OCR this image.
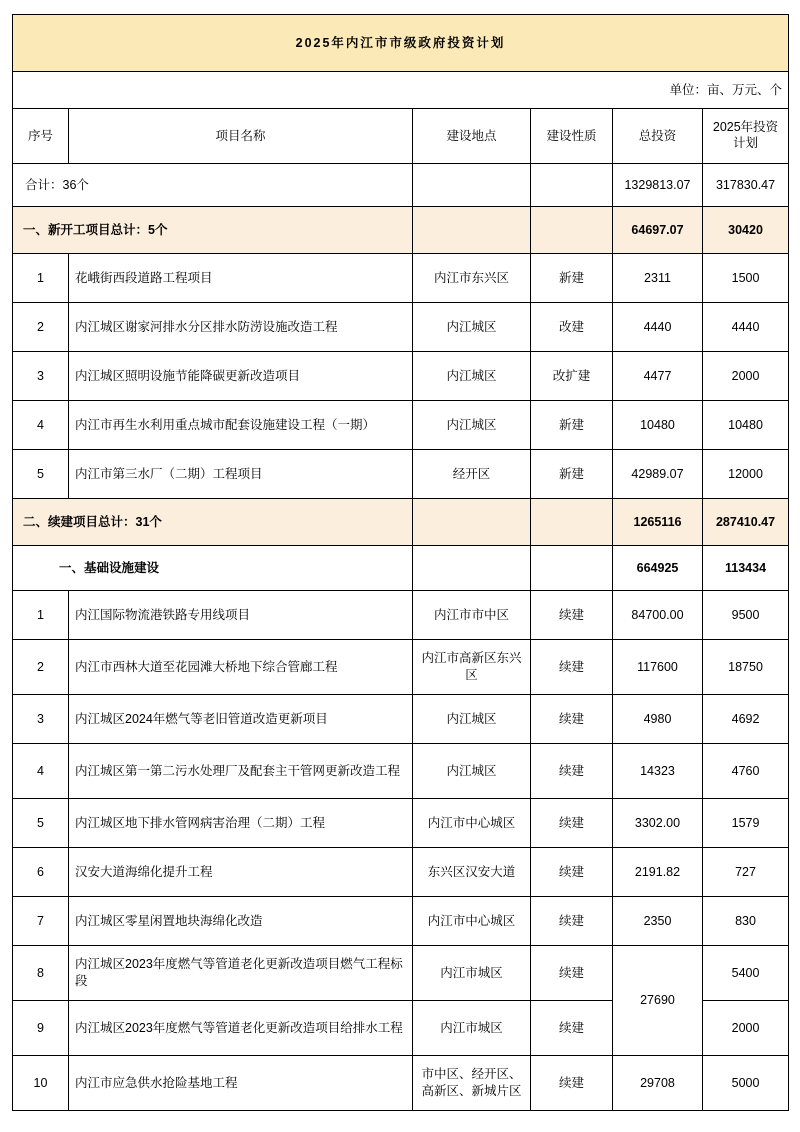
2025年内江市市级政府投资计划					
单位：亩、万元、个					
序号	项目名称	建设地点	建设性质	总投资	2025年投资
计划
合计：36个				1329813.07	317830.47
一、新开工项目总计：5个				64697.07	30420
1	花峨街西段道路工程项目	内江市东兴区	新建	2311	1500
2	内江城区谢家河排水分区排水防涝设施改造工程	内江城区	改建	4440	4440
3	内江城区照明设施节能降碳更新改造项目	内江城区	改扩建	4477	2000
4	内江市再生水利用重点城市配套设施建设工程（一期）	内江城区	新建	10480	10480
5	内江市第三水厂（二期）工程项目	经开区	新建	42989.07	12000
二、续建项目总计：31个				1265116	287410.47
一、基础设施建设				664925	113434
1	内江国际物流港铁路专用线项目	内江市市中区	续建	84700.00	9500
2	内江市西林大道至花园滩大桥地下综合管廊工程	内江市高新区东兴区	续建	117600	18750
3	内江城区2024年燃气等老旧管道改造更新项目	内江城区	续建	4980	4692
4	内江城区第一第二污水处理厂及配套主干管网更新改造工程	内江城区	续建	14323	4760
5	内江城区地下排水管网病害治理（二期）工程	内江市中心城区	续建	3302.00	1579
6	汉安大道海绵化提升工程	东兴区汉安大道	续建	2191.82	727
7	内江城区零星闲置地块海绵化改造	内江市中心城区	续建	2350	830
8	内江城区2023年度燃气等管道老化更新改造项目燃气工程标段	内江市城区	续建	27690	5400
9	内江城区2023年度燃气等管道老化更新改造项目给排水工程	内江市城区	续建		2000
10	内江市应急供水抢险基地工程	市中区、经开区、高新区、新城片区	续建	29708	5000
